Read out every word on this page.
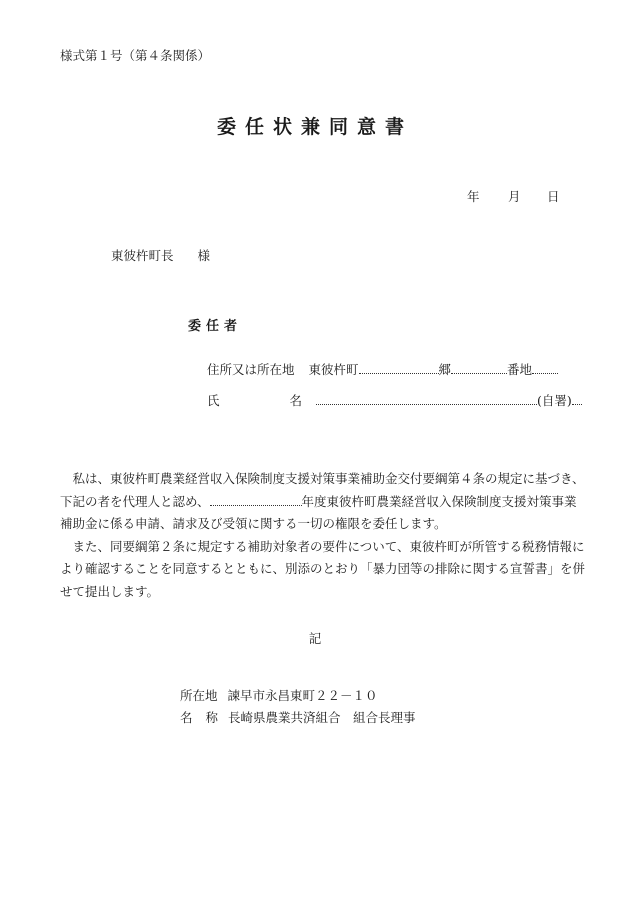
様式第１号（第４条関係）
委任状兼同意書
年 月 日
東彼杵町長 様
委任者
住所又は所在地 東彼杵町	郷	番地
氏	名	(自署)

私は、東彼杵町農業経営収入保険制度支援対策事業補助金交付要綱第４条の規定に基づき、下記の者を代理人と認め、	年度東彼杵町農業経営収入保険制度支援対策事業補助金に係る申請、請求及び受領に関する一切の権限を委任します。

また、同要綱第２条に規定する補助対象者の要件について、東彼杵町が所管する税務情報により確認することを同意するとともに、別添のとおり「暴力団等の排除に関する宣誓書」を併せて提出します。

記
所在地 諫早市永昌東町２２－１０
名 称 長崎県農業共済組合　組合長理事
